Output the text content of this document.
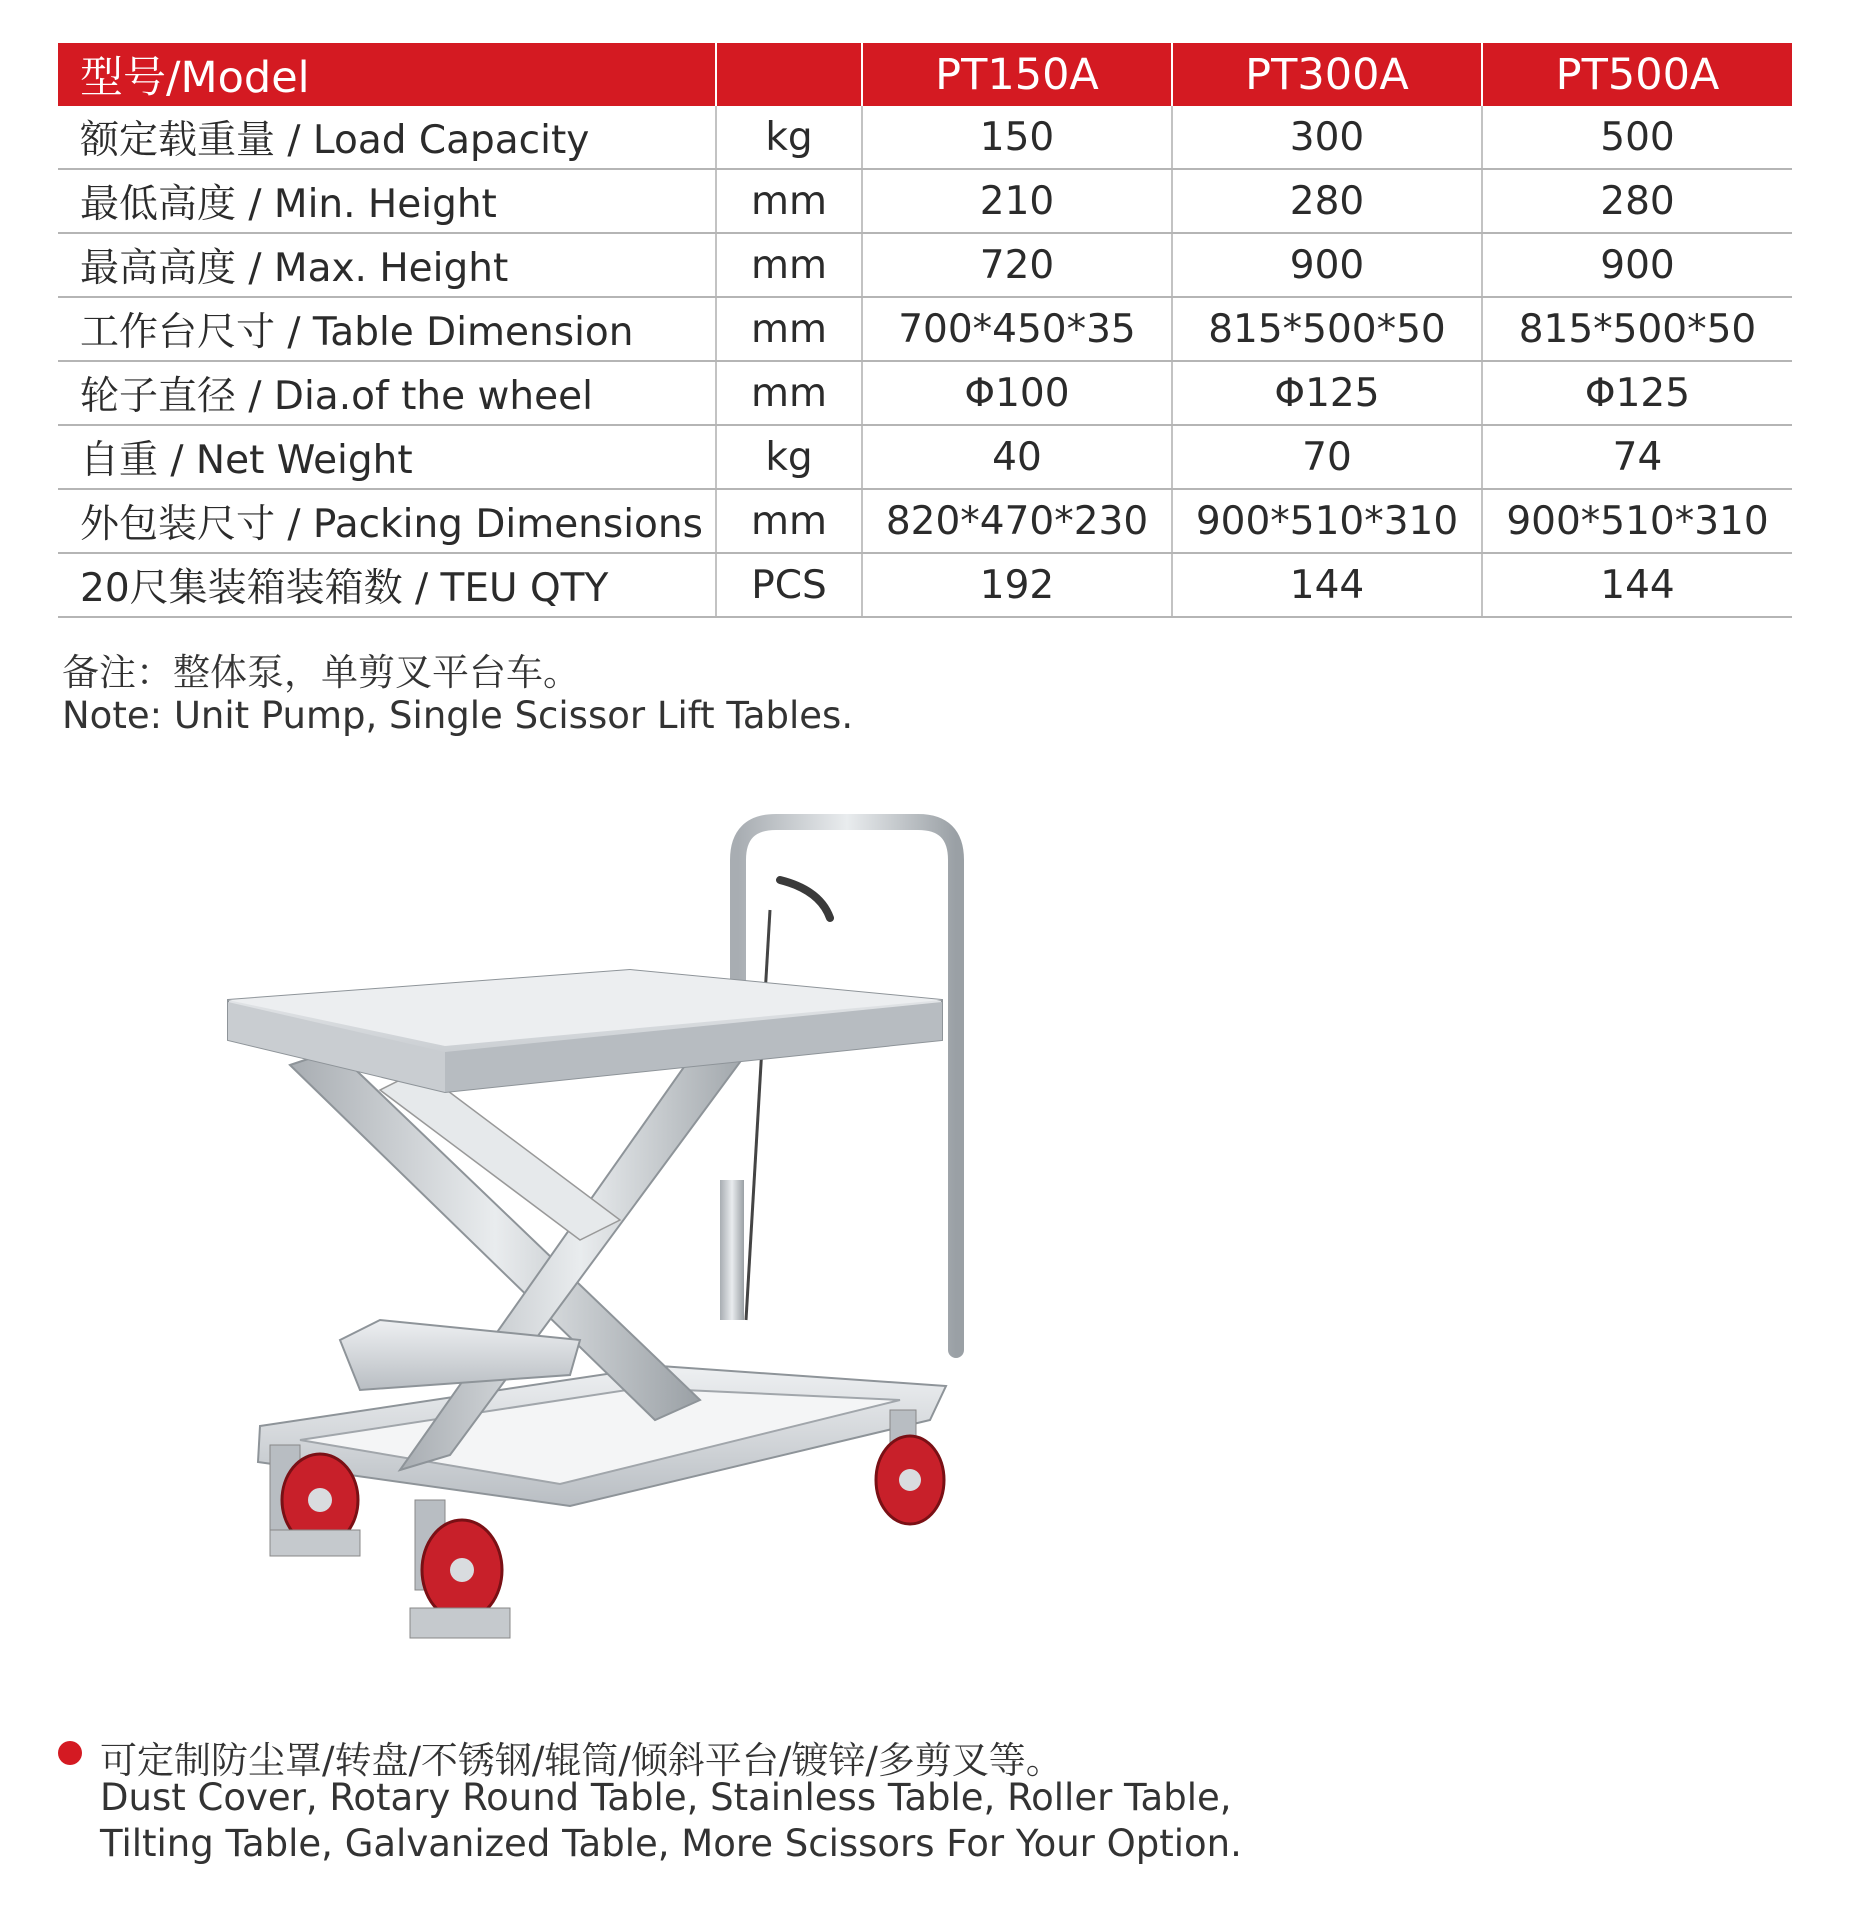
型号/Model		PT150A	PT300A	PT500A
额定载重量 / Load Capacity	kg	150	300	500
最低高度 / Min. Height	mm	210	280	280
最高高度 / Max. Height	mm	720	900	900
工作台尺寸 / Table Dimension	mm	700*450*35	815*500*50	815*500*50
轮子直径 / Dia.of the wheel	mm	Φ100	Φ125	Φ125
自重 / Net Weight	kg	40	70	74
外包装尺寸 / Packing Dimensions	mm	820*470*230	900*510*310	900*510*310
20尺集装箱装箱数 / TEU QTY	PCS	192	144	144
备注：整体泵，单剪叉平台车。
Note: Unit Pump, Single Scissor Lift Tables.
可定制防尘罩/转盘/不锈钢/辊筒/倾斜平台/镀锌/多剪叉等。
Dust Cover, Rotary Round Table, Stainless Table, Roller Table,
Tilting Table, Galvanized Table, More Scissors For Your Option.
